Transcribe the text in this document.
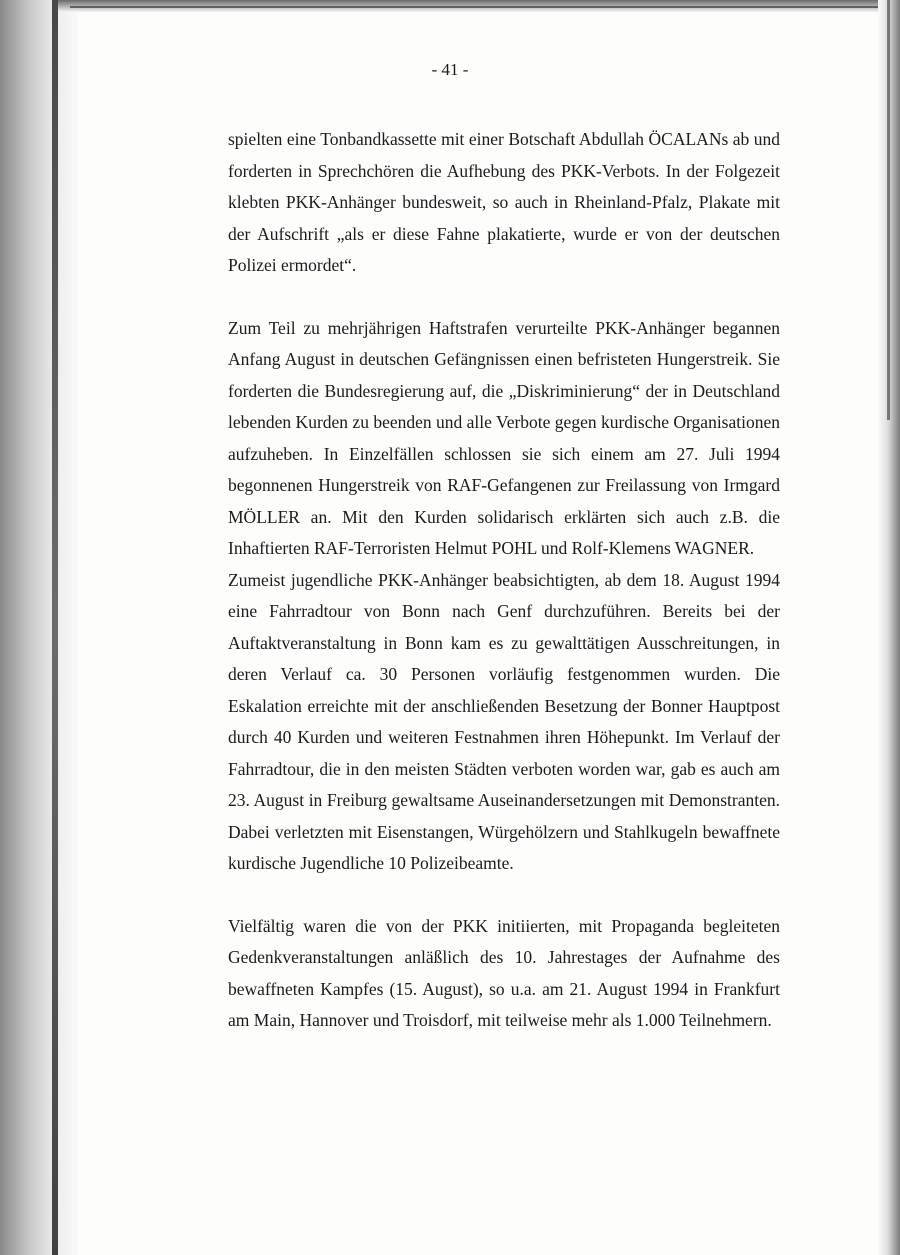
- 41 -

spielten eine Tonbandkassette mit einer Botschaft Abdullah ÖCALANs ab und forderten in Sprechchören die Aufhebung des PKK-Verbots. In der Folgezeit klebten PKK-Anhänger bundesweit, so auch in Rheinland-Pfalz, Plakate mit der Aufschrift „als er diese Fahne plakatierte, wurde er von der deutschen Polizei ermordet“.

Zum Teil zu mehrjährigen Haftstrafen verurteilte PKK-Anhänger begannen Anfang August in deutschen Gefängnissen einen befristeten Hungerstreik. Sie forderten die Bundesregierung auf, die „Diskriminierung“ der in Deutschland lebenden Kurden zu beenden und alle Verbote gegen kurdische Organisationen aufzuheben. In Einzelfällen schlossen sie sich einem am 27. Juli 1994 begonnenen Hungerstreik von RAF-Gefangenen zur Freilassung von Irmgard MÖLLER an. Mit den Kurden solidarisch erklärten sich auch z.B. die Inhaftierten RAF-Terroristen Helmut POHL und Rolf-Klemens WAGNER.

Zumeist jugendliche PKK-Anhänger beabsichtigten, ab dem 18. August 1994 eine Fahrradtour von Bonn nach Genf durchzuführen. Bereits bei der Auftaktveranstaltung in Bonn kam es zu gewalttätigen Ausschreitungen, in deren Verlauf ca. 30 Personen vorläufig festgenommen wurden. Die Eskalation erreichte mit der anschließenden Besetzung der Bonner Hauptpost durch 40 Kurden und weiteren Festnahmen ihren Höhepunkt. Im Verlauf der Fahrradtour, die in den meisten Städten verboten worden war, gab es auch am 23. August in Freiburg gewaltsame Auseinandersetzungen mit Demonstranten. Dabei verletzten mit Eisenstangen, Würgehölzern und Stahlkugeln bewaffnete kurdische Jugendliche 10 Polizeibeamte.

Vielfältig waren die von der PKK initiierten, mit Propaganda begleiteten Gedenkveranstaltungen anläßlich des 10. Jahrestages der Aufnahme des bewaffneten Kampfes (15. August), so u.a. am 21. August 1994 in Frankfurt am Main, Hannover und Troisdorf, mit teilweise mehr als 1.000 Teilnehmern.
